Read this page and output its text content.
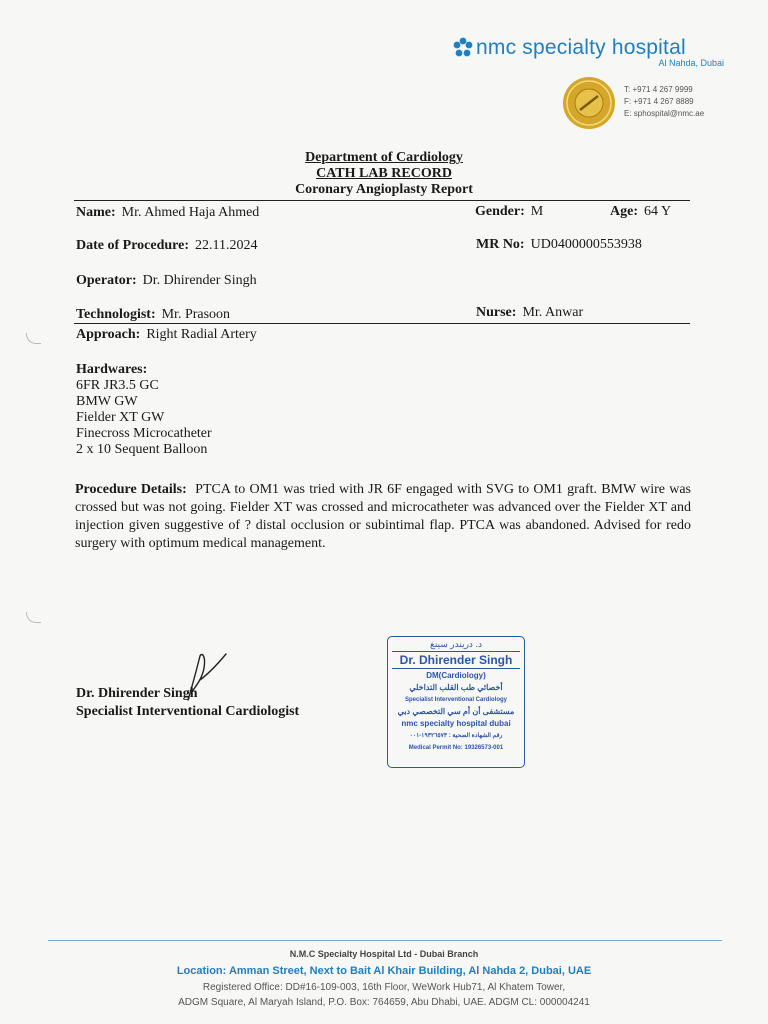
nmc specialty hospital
Al Nahda, Dubai
T: +971 4 267 9999
F: +971 4 267 8889
E: sphospital@nmc.ae
Department of Cardiology
CATH LAB RECORD
Coronary Angioplasty Report
Name: Mr. Ahmed Haja Ahmed	Gender: M	Age: 64 Y
Date of Procedure: 22.11.2024	MR No: UD0400000553938
Operator: Dr. Dhirender Singh
Technologist: Mr. Prasoon	Nurse: Mr. Anwar
Approach: Right Radial Artery
Hardwares:
6FR JR3.5 GC
BMW GW
Fielder XT GW
Finecross Microcatheter
2 x 10 Sequent Balloon
Procedure Details: PTCA to OM1 was tried with JR 6F engaged with SVG to OM1 graft. BMW wire was crossed but was not going. Fielder XT was crossed and microcatheter was advanced over the Fielder XT and injection given suggestive of ? distal occlusion or subintimal flap. PTCA was abandoned. Advised for redo surgery with optimum medical management.
Dr. Dhirender Singh
Specialist Interventional Cardiologist
د. دريندر سينغ
Dr. Dhirender Singh
DM(Cardiology)
أخصائي طب القلب التداخلي
Specialist Interventional Cardiology
مستشفى أن أم سي التخصصي دبي
nmc specialty hospital dubai
رقم الشهادة الصحية : ١٩٣٢٦٥٧٣-٠٠١
Medical Permit No: 19326573-001
N.M.C Specialty Hospital Ltd - Dubai Branch
Location: Amman Street, Next to Bait Al Khair Building, Al Nahda 2, Dubai, UAE
Registered Office: DD#16-109-003, 16th Floor, WeWork Hub71, Al Khatem Tower,
ADGM Square, Al Maryah Island, P.O. Box: 764659, Abu Dhabi, UAE. ADGM CL: 000004241
